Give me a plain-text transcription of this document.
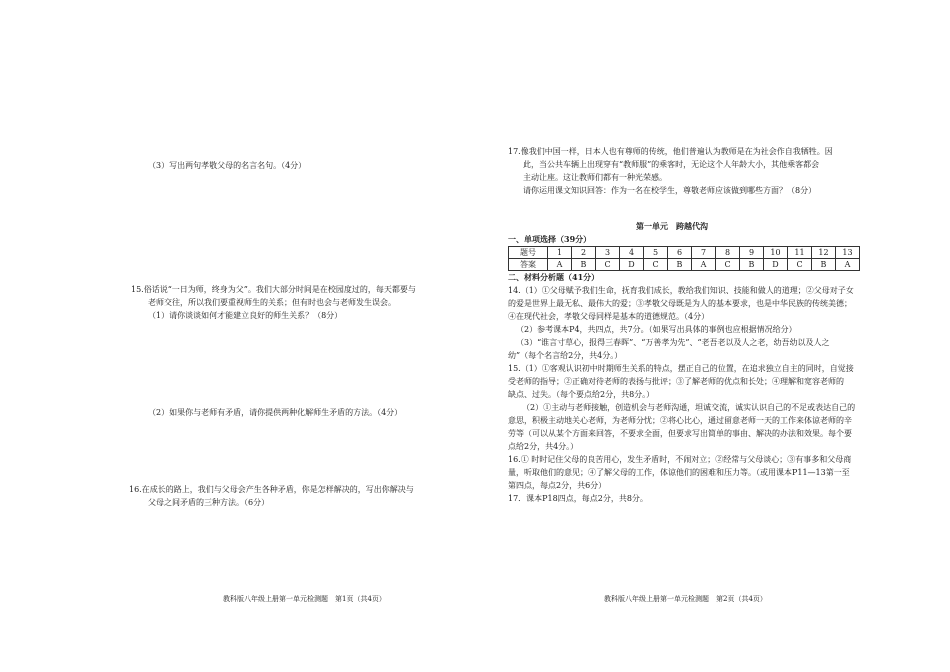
（3）写出两句孝敬父母的名言名句。（4分）
15.俗话说“一日为师，终身为父”。我们大部分时间是在校园度过的，每天都要与
老师交往，所以我们要重视师生的关系；但有时也会与老师发生误会。
（1）请你谈谈如何才能建立良好的师生关系？（8分）
（2）如果你与老师有矛盾，请你提供两种化解师生矛盾的方法。（4分）
16.在成长的路上，我们与父母会产生各种矛盾，你是怎样解决的，写出你解决与
父母之间矛盾的三种方法。（6分）
教科版八年级上册第一单元检测题　第1页（共4页）
17.像我们中国一样，日本人也有尊师的传统，他们普遍认为教师是在为社会作自我牺牲。因
此，当公共车辆上出现穿有“教师服”的乘客时，无论这个人年龄大小，其他乘客都会
主动让座。这让教师们都有一种光荣感。
请你运用课文知识回答：作为一名在校学生，尊敬老师应该做到哪些方面？（8分）
第一单元　跨越代沟
一、单项选择（39分）
题号	1	2	3	4	5	6	7	8	9	10	11	12	13
答案	A	B	C	D	C	B	A	C	B	D	C	B	A
二、材料分析题（41分）
14.（1）①父母赋予我们生命，抚育我们成长，教给我们知识、技能和做人的道理；②父母对子女
的爱是世界上最无私、最伟大的爱；③孝敬父母既是为人的基本要求，也是中华民族的传统美德；
④在现代社会，孝敬父母同样是基本的道德规范。（4分）
（2）参考课本P4，共四点，共7分。（如果写出具体的事例也应根据情况给分）
（3）“谁言寸草心，报得三春晖”、“万善孝为先”、“老吾老以及人之老，幼吾幼以及人之
幼”（每个名言给2分，共4分。）
15.（1）①客观认识初中时期师生关系的特点，摆正自己的位置，在追求独立自主的同时，自觉接
受老师的指导；②正确对待老师的表扬与批评；③了解老师的优点和长处；④理解和宽容老师的
缺点、过失。（每个要点给2分，共8分。）
（2）①主动与老师接触，创造机会与老师沟通，坦诚交流，诚实认识自己的不足或表达自己的
意思，积极主动地关心老师，为老师分忧；②将心比心，通过留意老师一天的工作来体谅老师的辛
劳等（可以从某个方面来回答，不要求全面，但要求写出简单的事由、解决的办法和效果。每个要
点给2分，共4分。）
16.① 时时记住父母的良苦用心，发生矛盾时，不闹对立；②经常与父母谈心；③有事多和父母商
量，听取他们的意见；④了解父母的工作，体谅他们的困难和压力等。（或用课本P11—13第一至
第四点，每点2分，共6分）
17．课本P18四点，每点2分，共8分。
教科版八年级上册第一单元检测题　第2页（共4页）
